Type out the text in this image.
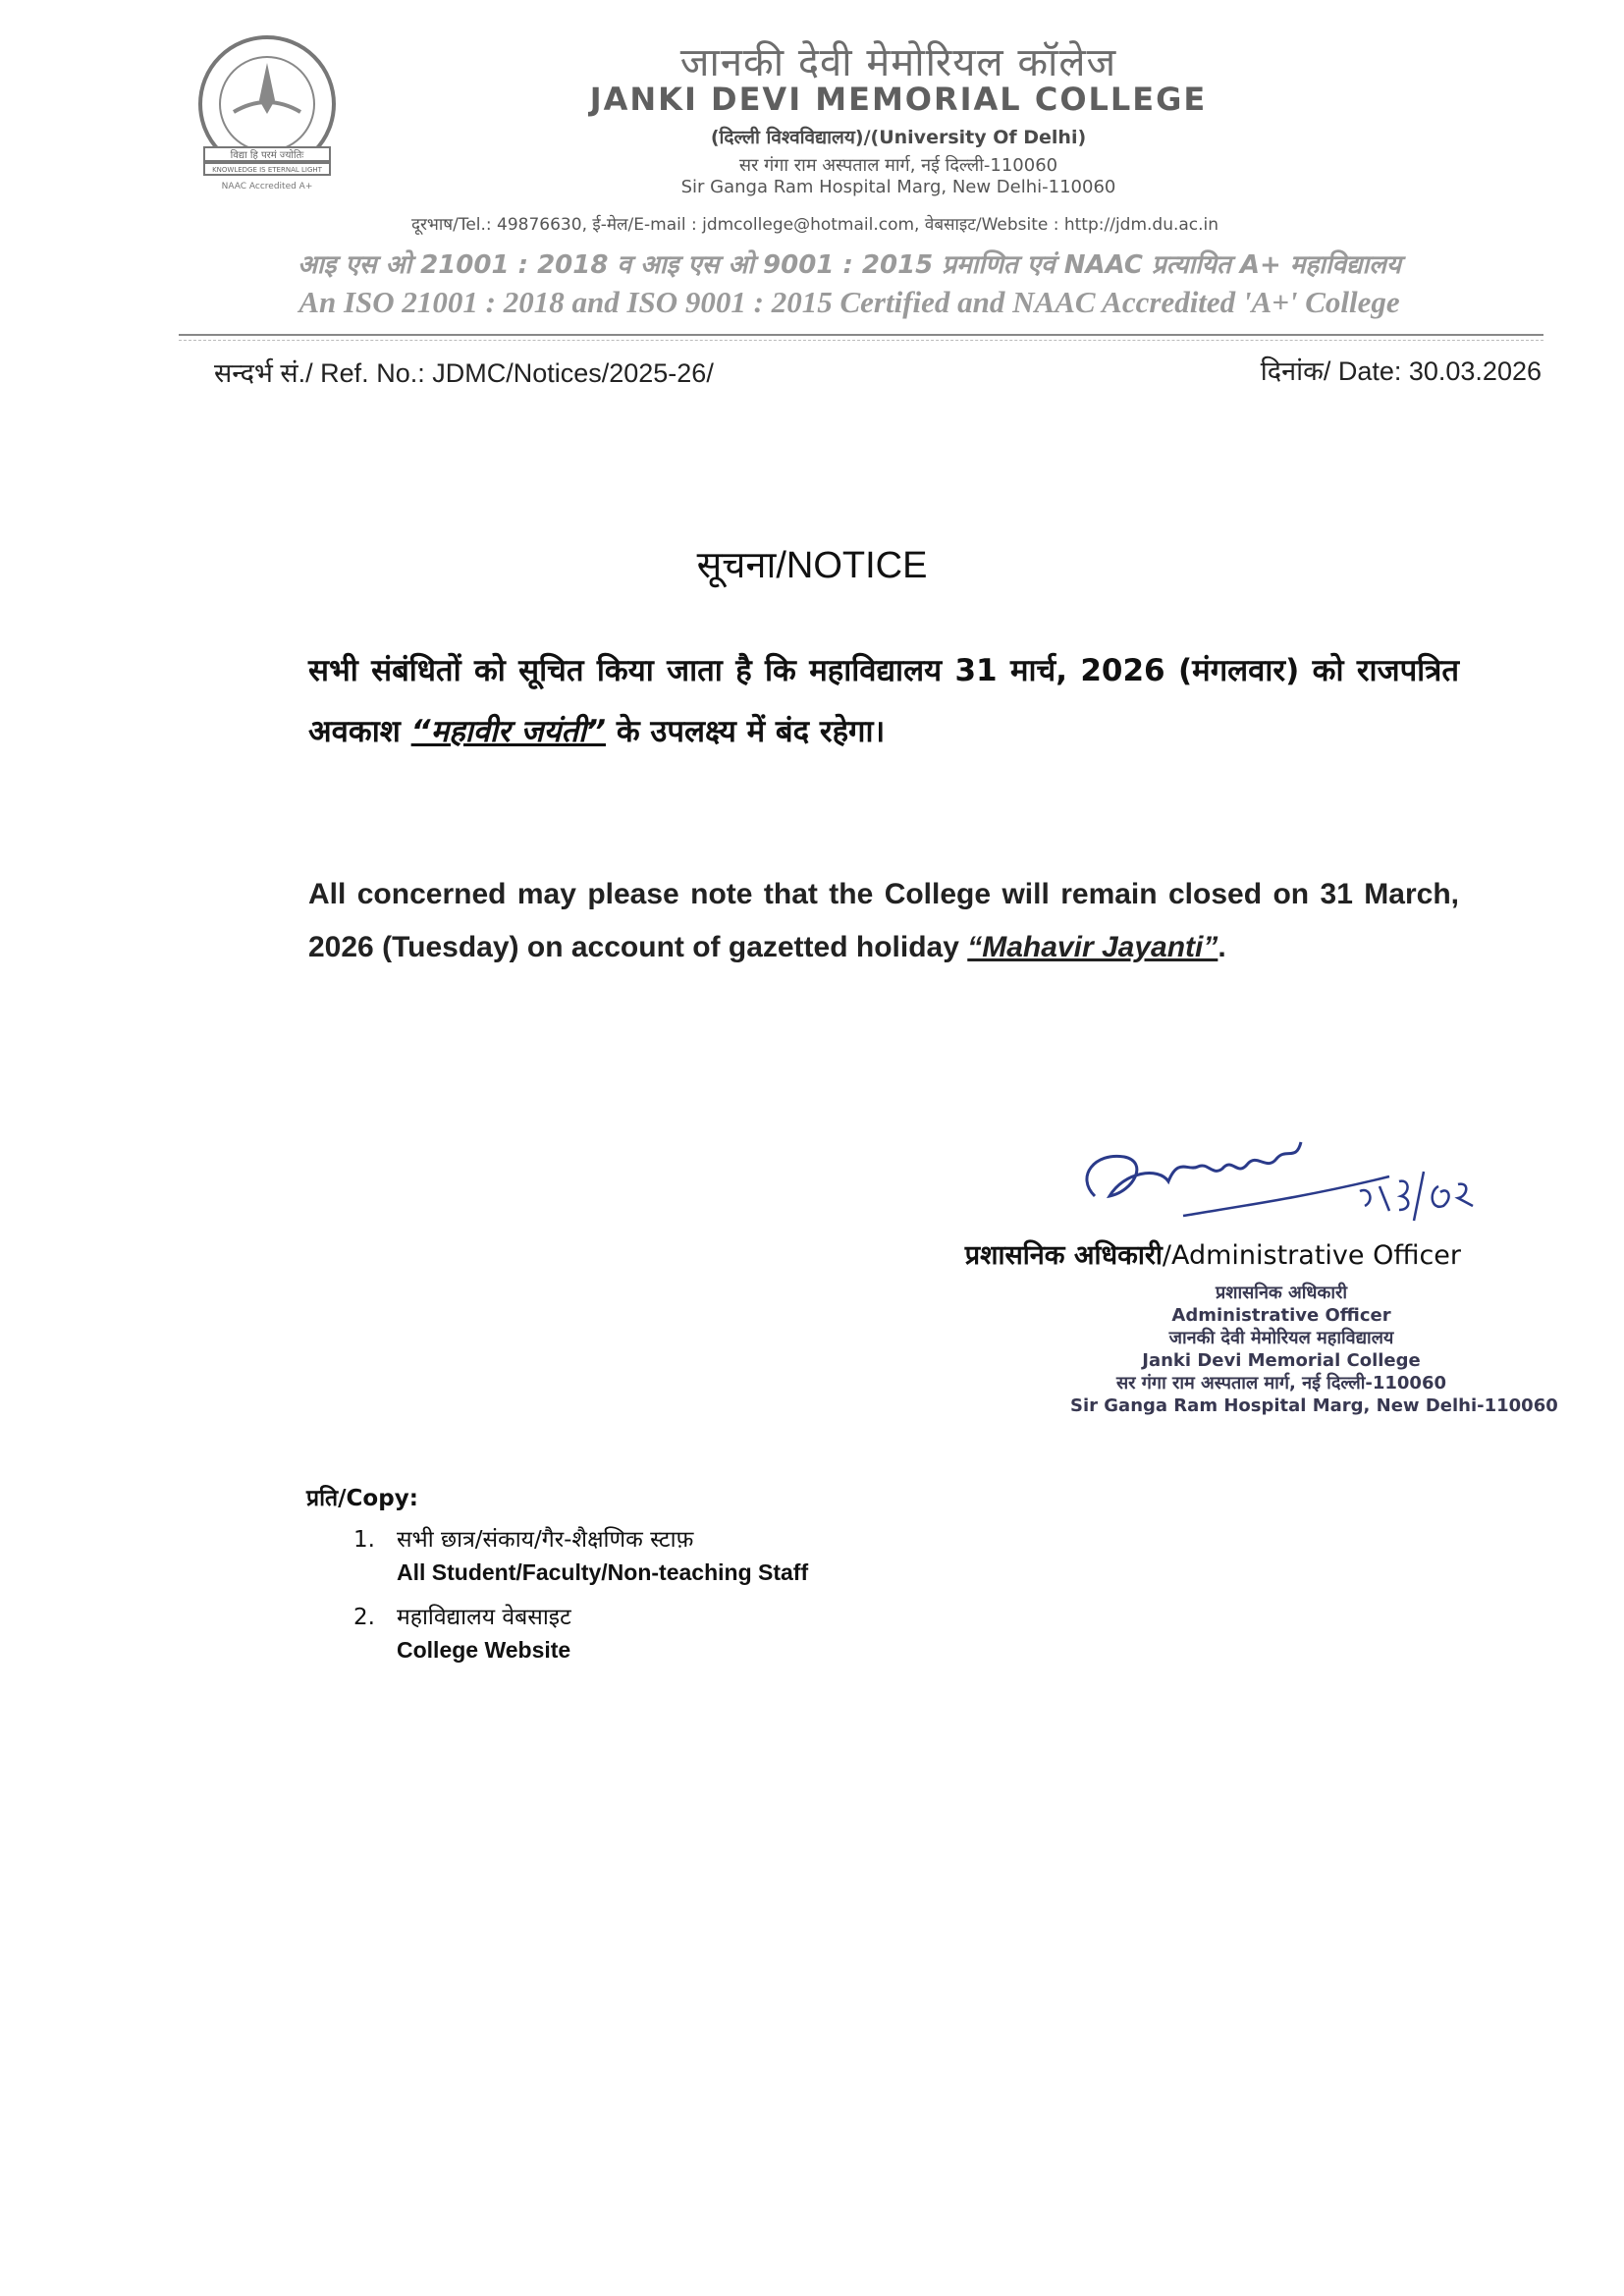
विद्या हि परमं ज्योतिः
KNOWLEDGE IS ETERNAL LIGHT
NAAC Accredited A+
जानकी देवी मेमोरियल कॉलेज
JANKI DEVI MEMORIAL COLLEGE
(दिल्ली विश्वविद्यालय)/(University Of Delhi)
सर गंगा राम अस्पताल मार्ग, नई दिल्ली-110060
Sir Ganga Ram Hospital Marg, New Delhi-110060
दूरभाष/Tel.: 49876630, ई-मेल/E-mail : jdmcollege@hotmail.com, वेबसाइट/Website : http://jdm.du.ac.in
आइ एस ओ 21001 : 2018 व आइ एस ओ 9001 : 2015 प्रमाणित एवं NAAC प्रत्यायित A+ महाविद्यालय
An ISO 21001 : 2018 and ISO 9001 : 2015 Certified and NAAC Accredited 'A+' College
सन्दर्भ सं./ Ref. No.: JDMC/Notices/2025-26/	दिनांक/ Date: 30.03.2026
सूचना/NOTICE
सभी संबंधितों को सूचित किया जाता है कि महाविद्यालय 31 मार्च, 2026 (मंगलवार) को राजपत्रित अवकाश “महावीर जयंती” के उपलक्ष्य में बंद रहेगा।
All concerned may please note that the College will remain closed on 31 March, 2026 (Tuesday) on account of gazetted holiday “Mahavir Jayanti”.
प्रशासनिक अधिकारी/Administrative Officer
प्रशासनिक अधिकारी
Administrative Officer
जानकी देवी मेमोरियल महाविद्यालय
Janki Devi Memorial College
सर गंगा राम अस्पताल मार्ग, नई दिल्ली-110060
Sir Ganga Ram Hospital Marg, New Delhi-110060
प्रति/Copy:
1. सभी छात्र/संकाय/गैर-शैक्षणिक स्टाफ़
All Student/Faculty/Non-teaching Staff
2. महाविद्यालय वेबसाइट
College Website
